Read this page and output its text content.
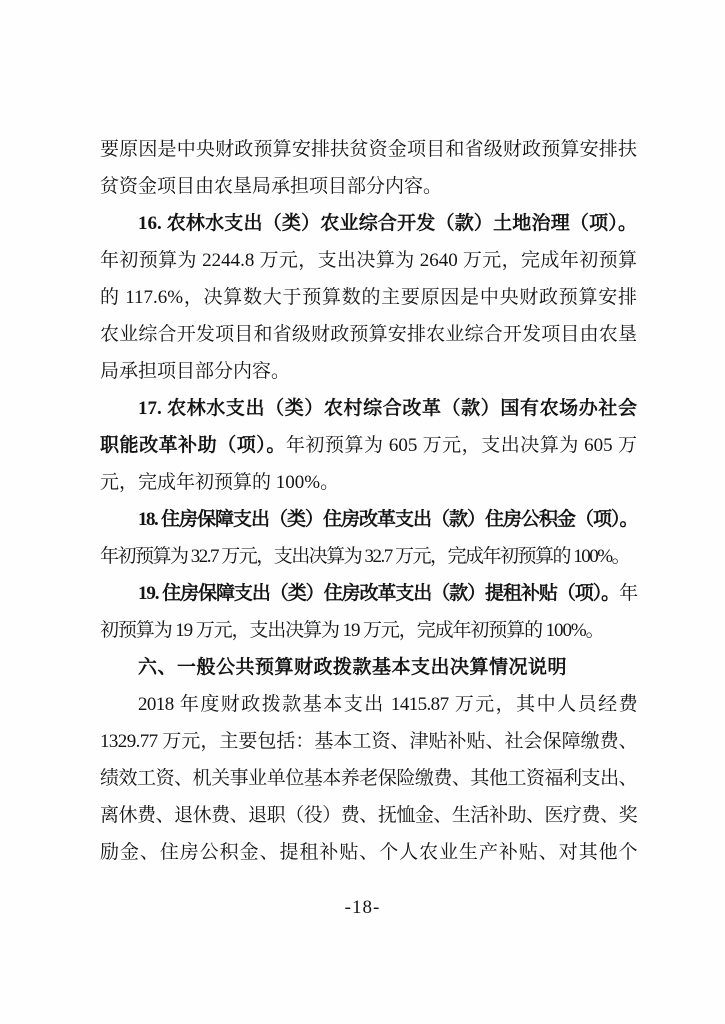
要原因是中央财政预算安排扶贫资金项目和省级财政预算安排扶贫资金项目由农垦局承担项目部分内容。

16. 农林水支出（类）农业综合开发（款）土地治理（项）。年初预算为 2244.8 万元，支出决算为 2640 万元，完成年初预算的 117.6%，决算数大于预算数的主要原因是中央财政预算安排农业综合开发项目和省级财政预算安排农业综合开发项目由农垦局承担项目部分内容。

17. 农林水支出（类）农村综合改革（款）国有农场办社会职能改革补助（项）。年初预算为 605 万元，支出决算为 605 万元，完成年初预算的 100%。

18. 住房保障支出（类）住房改革支出（款）住房公积金（项）。年初预算为 32.7 万元，支出决算为 32.7 万元，完成年初预算的 100%。

19. 住房保障支出（类）住房改革支出（款）提租补贴（项）。年初预算为 19 万元，支出决算为 19 万元，完成年初预算的 100%。

六、一般公共预算财政拨款基本支出决算情况说明

2018 年度财政拨款基本支出 1415.87 万元，其中人员经费 1329.77 万元，主要包括：基本工资、津贴补贴、社会保障缴费、绩效工资、机关事业单位基本养老保险缴费、其他工资福利支出、离休费、退休费、退职（役）费、抚恤金、生活补助、医疗费、奖励金、住房公积金、提租补贴、个人农业生产补贴、对其他个

-18-
